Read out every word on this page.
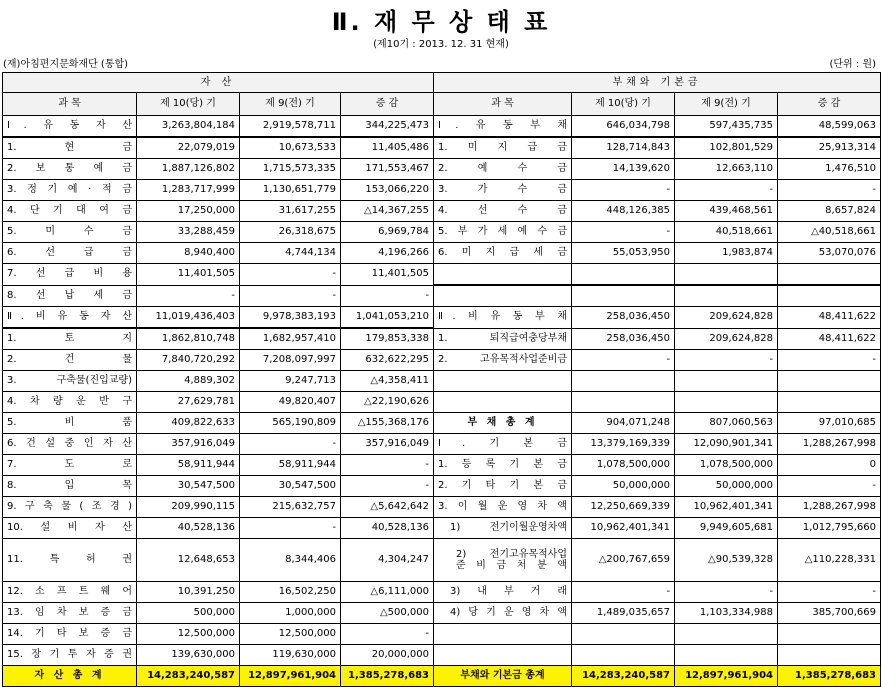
Ⅱ. 재 무 상 태 표
(제10기 : 2013. 12. 31 현재)
(재)아침편지문화재단 (통합)	(단위 : 원)
자 산				부채와 기본금			
과 목	제 10(당) 기	제 9(전) 기	증 감	과 목	제 10(당) 기	제 9(전) 기	증 감
Ⅰ. 유 동 자 산	3,263,804,184	2,919,578,711	344,225,473	Ⅰ. 유 동 부 채	646,034,798	597,435,735	48,599,063
1. 현 금	22,079,019	10,673,533	11,405,486	1. 미 지 급 금	128,714,843	102,801,529	25,913,314
2. 보 통 예 금	1,887,126,802	1,715,573,335	171,553,467	2. 예 수 금	14,139,620	12,663,110	1,476,510
3. 정 기 예 · 적 금	1,283,717,999	1,130,651,779	153,066,220	3. 가 수 금	-	-	-
4. 단 기 대 여 금	17,250,000	31,617,255	△14,367,255	4. 선 수 금	448,126,385	439,468,561	8,657,824
5. 미 수 금	33,288,459	26,318,675	6,969,784	5. 부 가 세 예 수 금	-	40,518,661	△40,518,661
6. 선 급 금	8,940,400	4,744,134	4,196,266	6. 미 지 급 세 금	55,053,950	1,983,874	53,070,076
7. 선 급 비 용	11,401,505	-	11,401,505				
8. 선 납 세 금	-	-	-				
Ⅱ. 비 유 동 자 산	11,019,436,403	9,978,383,193	1,041,053,210	Ⅱ. 비 유 동 부 채	258,036,450	209,624,828	48,411,622
1. 토 지	1,862,810,748	1,682,957,410	179,853,338	1. 퇴직급여충당부채	258,036,450	209,624,828	48,411,622
2. 건 물	7,840,720,292	7,208,097,997	632,622,295	2. 고유목적사업준비금	-	-	-
3. 구축물(진입교량)	4,889,302	9,247,713	△4,358,411				
4. 차 량 운 반 구	27,629,781	49,820,407	△22,190,626				
5. 비 품	409,822,633	565,190,809	△155,368,176	부 채 총 계	904,071,248	807,060,563	97,010,685
6. 건 설 중 인 자 산	357,916,049	-	357,916,049	Ⅰ. 기 본 금	13,379,169,339	12,090,901,341	1,288,267,998
7. 도 로	58,911,944	58,911,944	-	1. 등 록 기 본 금	1,078,500,000	1,078,500,000	0
8. 입 목	30,547,500	30,547,500	-	2. 기 타 기 본 금	50,000,000	50,000,000	-
9. 구 축 물 ( 조 경 )	209,990,115	215,632,757	△5,642,642	3. 이 월 운 영 차 액	12,250,669,339	10,962,401,341	1,288,267,998
10. 설 비 자 산	40,528,136	-	40,528,136	1) 전기이월운영차액	10,962,401,341	9,949,605,681	1,012,795,660
11. 특 허 권	12,648,653	8,344,406	4,304,247	2) 전기고유목적사업
준 비 금 처 분 액	△200,767,659	△90,539,328	△110,228,331
12. 소 프 트 웨 어	10,391,250	16,502,250	△6,111,000	3) 내 부 거 래	-	-	-
13. 임 차 보 증 금	500,000	1,000,000	△500,000	4) 당 기 운 영 차 액	1,489,035,657	1,103,334,988	385,700,669
14. 기 타 보 증 금	12,500,000	12,500,000	-				
15. 장 기 투 자 증 권	139,630,000	119,630,000	20,000,000				
자 산 총 계	14,283,240,587	12,897,961,904	1,385,278,683	부채와 기본금 총계	14,283,240,587	12,897,961,904	1,385,278,683
